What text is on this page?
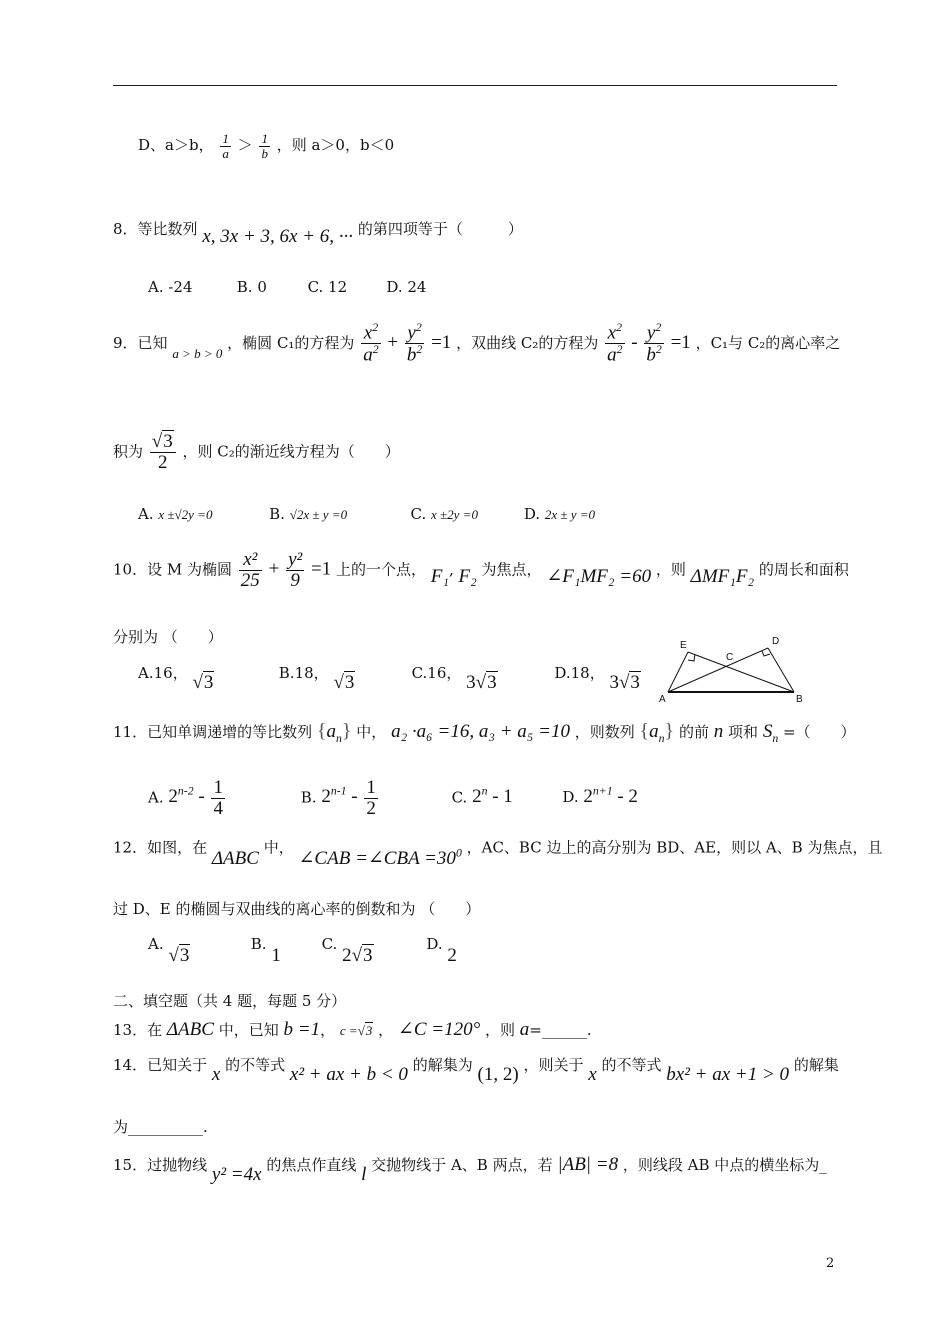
D、a＞b， $\frac{1}{a} > \frac{1}{b}$ ，则 a＞0，b＜0
8．等比数列 x, 3x + 3, 6x + 6, ··· 的第四项等于（　　　）
A. -24	B. 0	C. 12	D. 24
9．已知 a > b > 0 ，椭圆 C₁的方程为 $\frac{x^2}{a^2} + \frac{y^2}{b^2} =1$ ，双曲线 C₂的方程为 $\frac{x^2}{a^2} - \frac{y^2}{b^2} =1$ ，C₁与 C₂的离心率之
积为 $\frac{√3}{2}$ ，则 C₂的渐近线方程为（　　）
A. x ±√2y =0	B. √2x ± y =0	C. x ±2y =0	D. 2x ± y =0
10．设 M 为椭圆 $\frac{\text{x²}}{25} + \frac{\text{y²}}{9} =1$ 上的一个点， F₁, F₂ 为焦点， ∠F₁MF₂ =60 ，则 ΔMF₁F₂ 的周长和面积
分别为 （　　）
A.16， √3	B.18， √3	C.16， 3√3	D.18， 3√3
E
C
D
A	B
11．已知单调递增的等比数列 $\{a_n\}$ 中， a₂ ·a₆ =16, a₃ + a₅ =10 ，则数列 $\{a_n\}$ 的前 n 项和 $S_n$ =（　　）
A. $2^{n-2} - \frac{1}{4}$	B. $2^{n-1} - \frac{1}{2}$	C. 2$^n$ - 1	D. $2^{n+1} - 2$
12．如图，在 ΔABC 中， ∠CAB =∠CBA $=30^0$ ，AC、BC 边上的高分别为 BD、AE，则以 A、B 为焦点，且
过 D、E 的椭圆与双曲线的离心率的倒数和为 （　　）
A. √3 B. 1 C. 2√3 D. 2
二、填空题（共 4 题，每题 5 分）
13．在 ΔABC 中，已知 b =1， c =√3 ， ∠C =120° ，则 a=______.
14．已知关于 x 的不等式 x² + ax + b < 0 的解集为 (1, 2) ，则关于 x 的不等式 bx² + ax +1 > 0 的解集
为__________.
15．过抛物线 y² =4x 的焦点作直线 l 交抛物线于 A、B 两点，若 |AB| =8 ，则线段 AB 中点的横坐标为_
2
